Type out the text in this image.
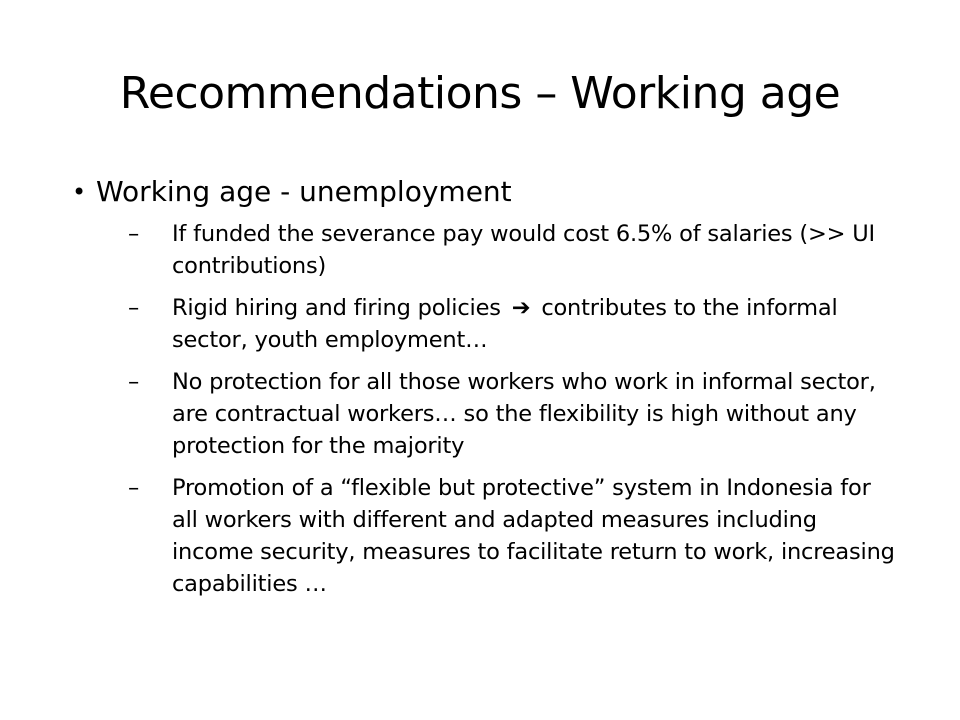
Recommendations – Working age
• Working age - unemployment
– If funded the severance pay would cost 6.5% of salaries (>> UI contributions)
– Rigid hiring and firing policies ➔ contributes to the informal sector, youth employment…
– No protection for all those workers who work in informal sector, are contractual workers… so the flexibility is high without any protection for the majority
– Promotion of a “flexible but protective” system in Indonesia for all workers with different and adapted measures including income security, measures to facilitate return to work, increasing capabilities …
